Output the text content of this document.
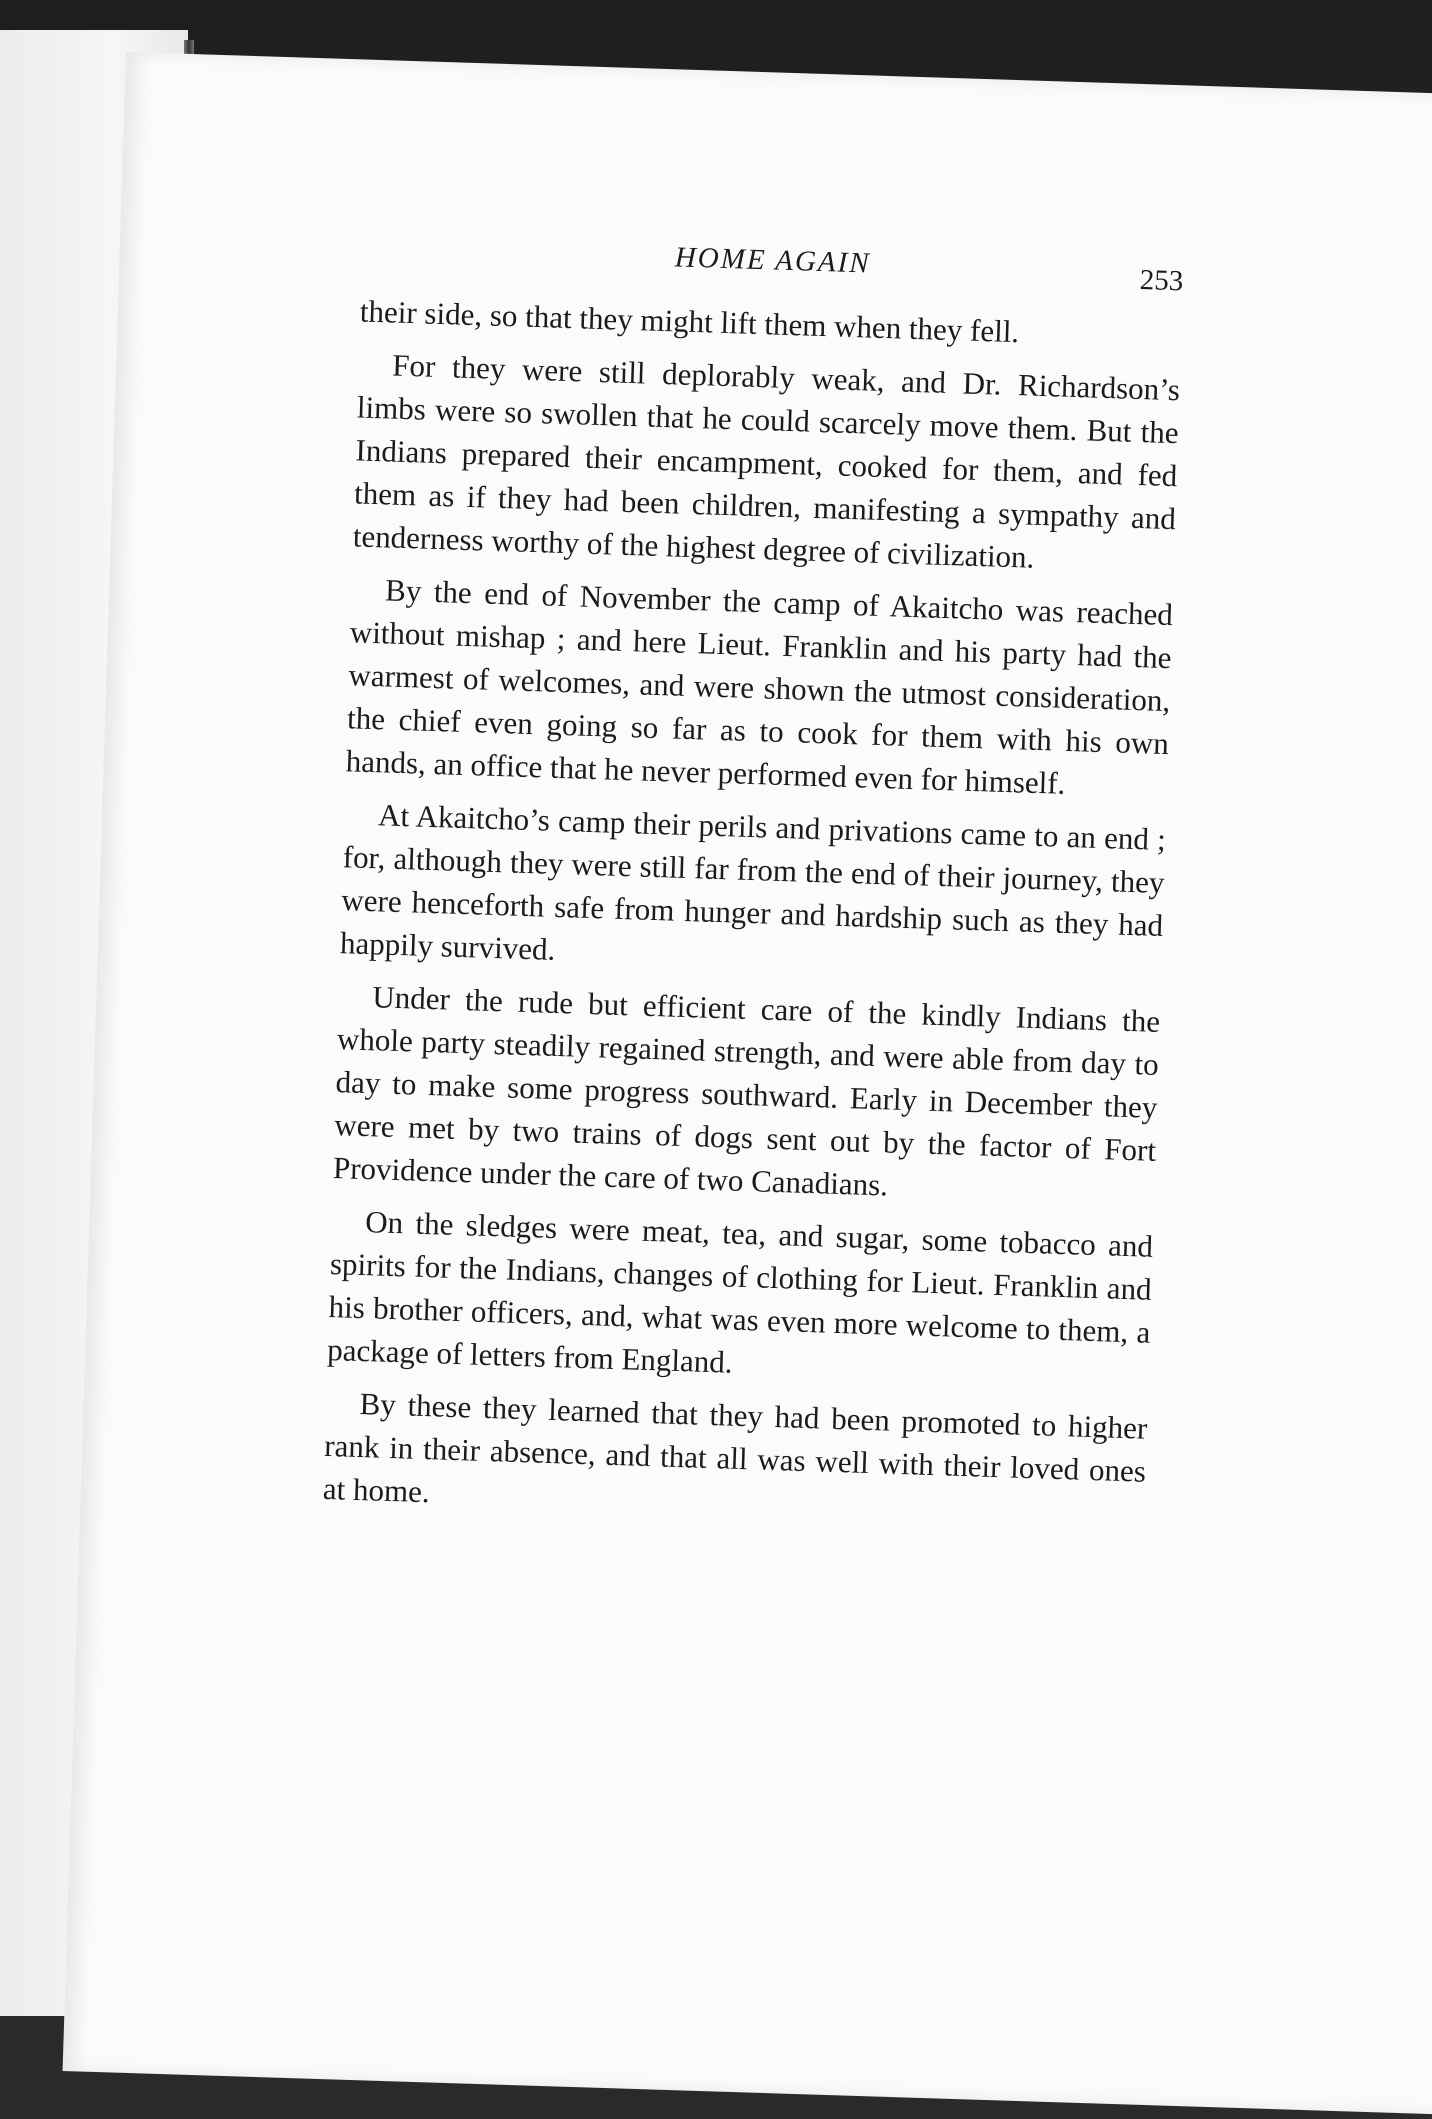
HOME AGAIN
253

their side, so that they might lift them when they fell.

For they were still deplorably weak, and Dr. Richardson’s limbs were so swollen that he could scarcely move them. But the Indians prepared their encampment, cooked for them, and fed them as if they had been children, manifesting a sympathy and tenderness worthy of the highest degree of civilization.

By the end of November the camp of Akaitcho was reached without mishap ; and here Lieut. Franklin and his party had the warmest of welcomes, and were shown the utmost consideration, the chief even going so far as to cook for them with his own hands, an office that he never performed even for himself.

At Akaitcho’s camp their perils and privations came to an end ; for, although they were still far from the end of their journey, they were henceforth safe from hunger and hardship such as they had happily survived.

Under the rude but efficient care of the kindly Indians the whole party steadily regained strength, and were able from day to day to make some progress southward. Early in December they were met by two trains of dogs sent out by the factor of Fort Providence under the care of two Canadians.

On the sledges were meat, tea, and sugar, some tobacco and spirits for the Indians, changes of clothing for Lieut. Franklin and his brother officers, and, what was even more welcome to them, a package of letters from England.

By these they learned that they had been promoted to higher rank in their absence, and that all was well with their loved ones at home.
